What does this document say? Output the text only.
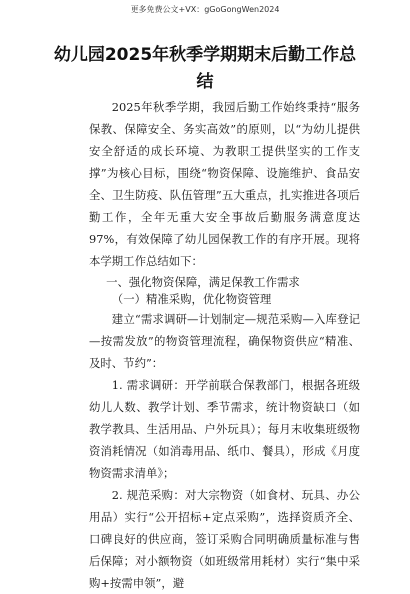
更多免费公文+VX：gGoGongWen2024
幼儿园2025年秋季学期期末后勤工作总结

2025年秋季学期，我园后勤工作始终秉持“服务保教、保障安全、务实高效”的原则，以“为幼儿提供安全舒适的成长环境、为教职工提供坚实的工作支撑”为核心目标，围绕“物资保障、设施维护、食品安全、卫生防疫、队伍管理”五大重点，扎实推进各项后勤工作，全年无重大安全事故后勤服务满意度达97%，有效保障了幼儿园保教工作的有序开展。现将本学期工作总结如下：

一、强化物资保障，满足保教工作需求

（一）精准采购，优化物资管理

建立“需求调研—计划制定—规范采购—入库登记—按需发放”的物资管理流程，确保物资供应“精准、及时、节约”：

1. 需求调研：开学前联合保教部门，根据各班级幼儿人数、教学计划、季节需求，统计物资缺口（如教学教具、生活用品、户外玩具）；每月末收集班级物资消耗情况（如消毒用品、纸巾、餐具），形成《月度物资需求清单》；

2. 规范采购：对大宗物资（如食材、玩具、办公用品）实行“公开招标+定点采购”，选择资质齐全、口碑良好的供应商，签订采购合同明确质量标准与售后保障；对小额物资（如班级常用耗材）实行“集中采购+按需申领”，避
